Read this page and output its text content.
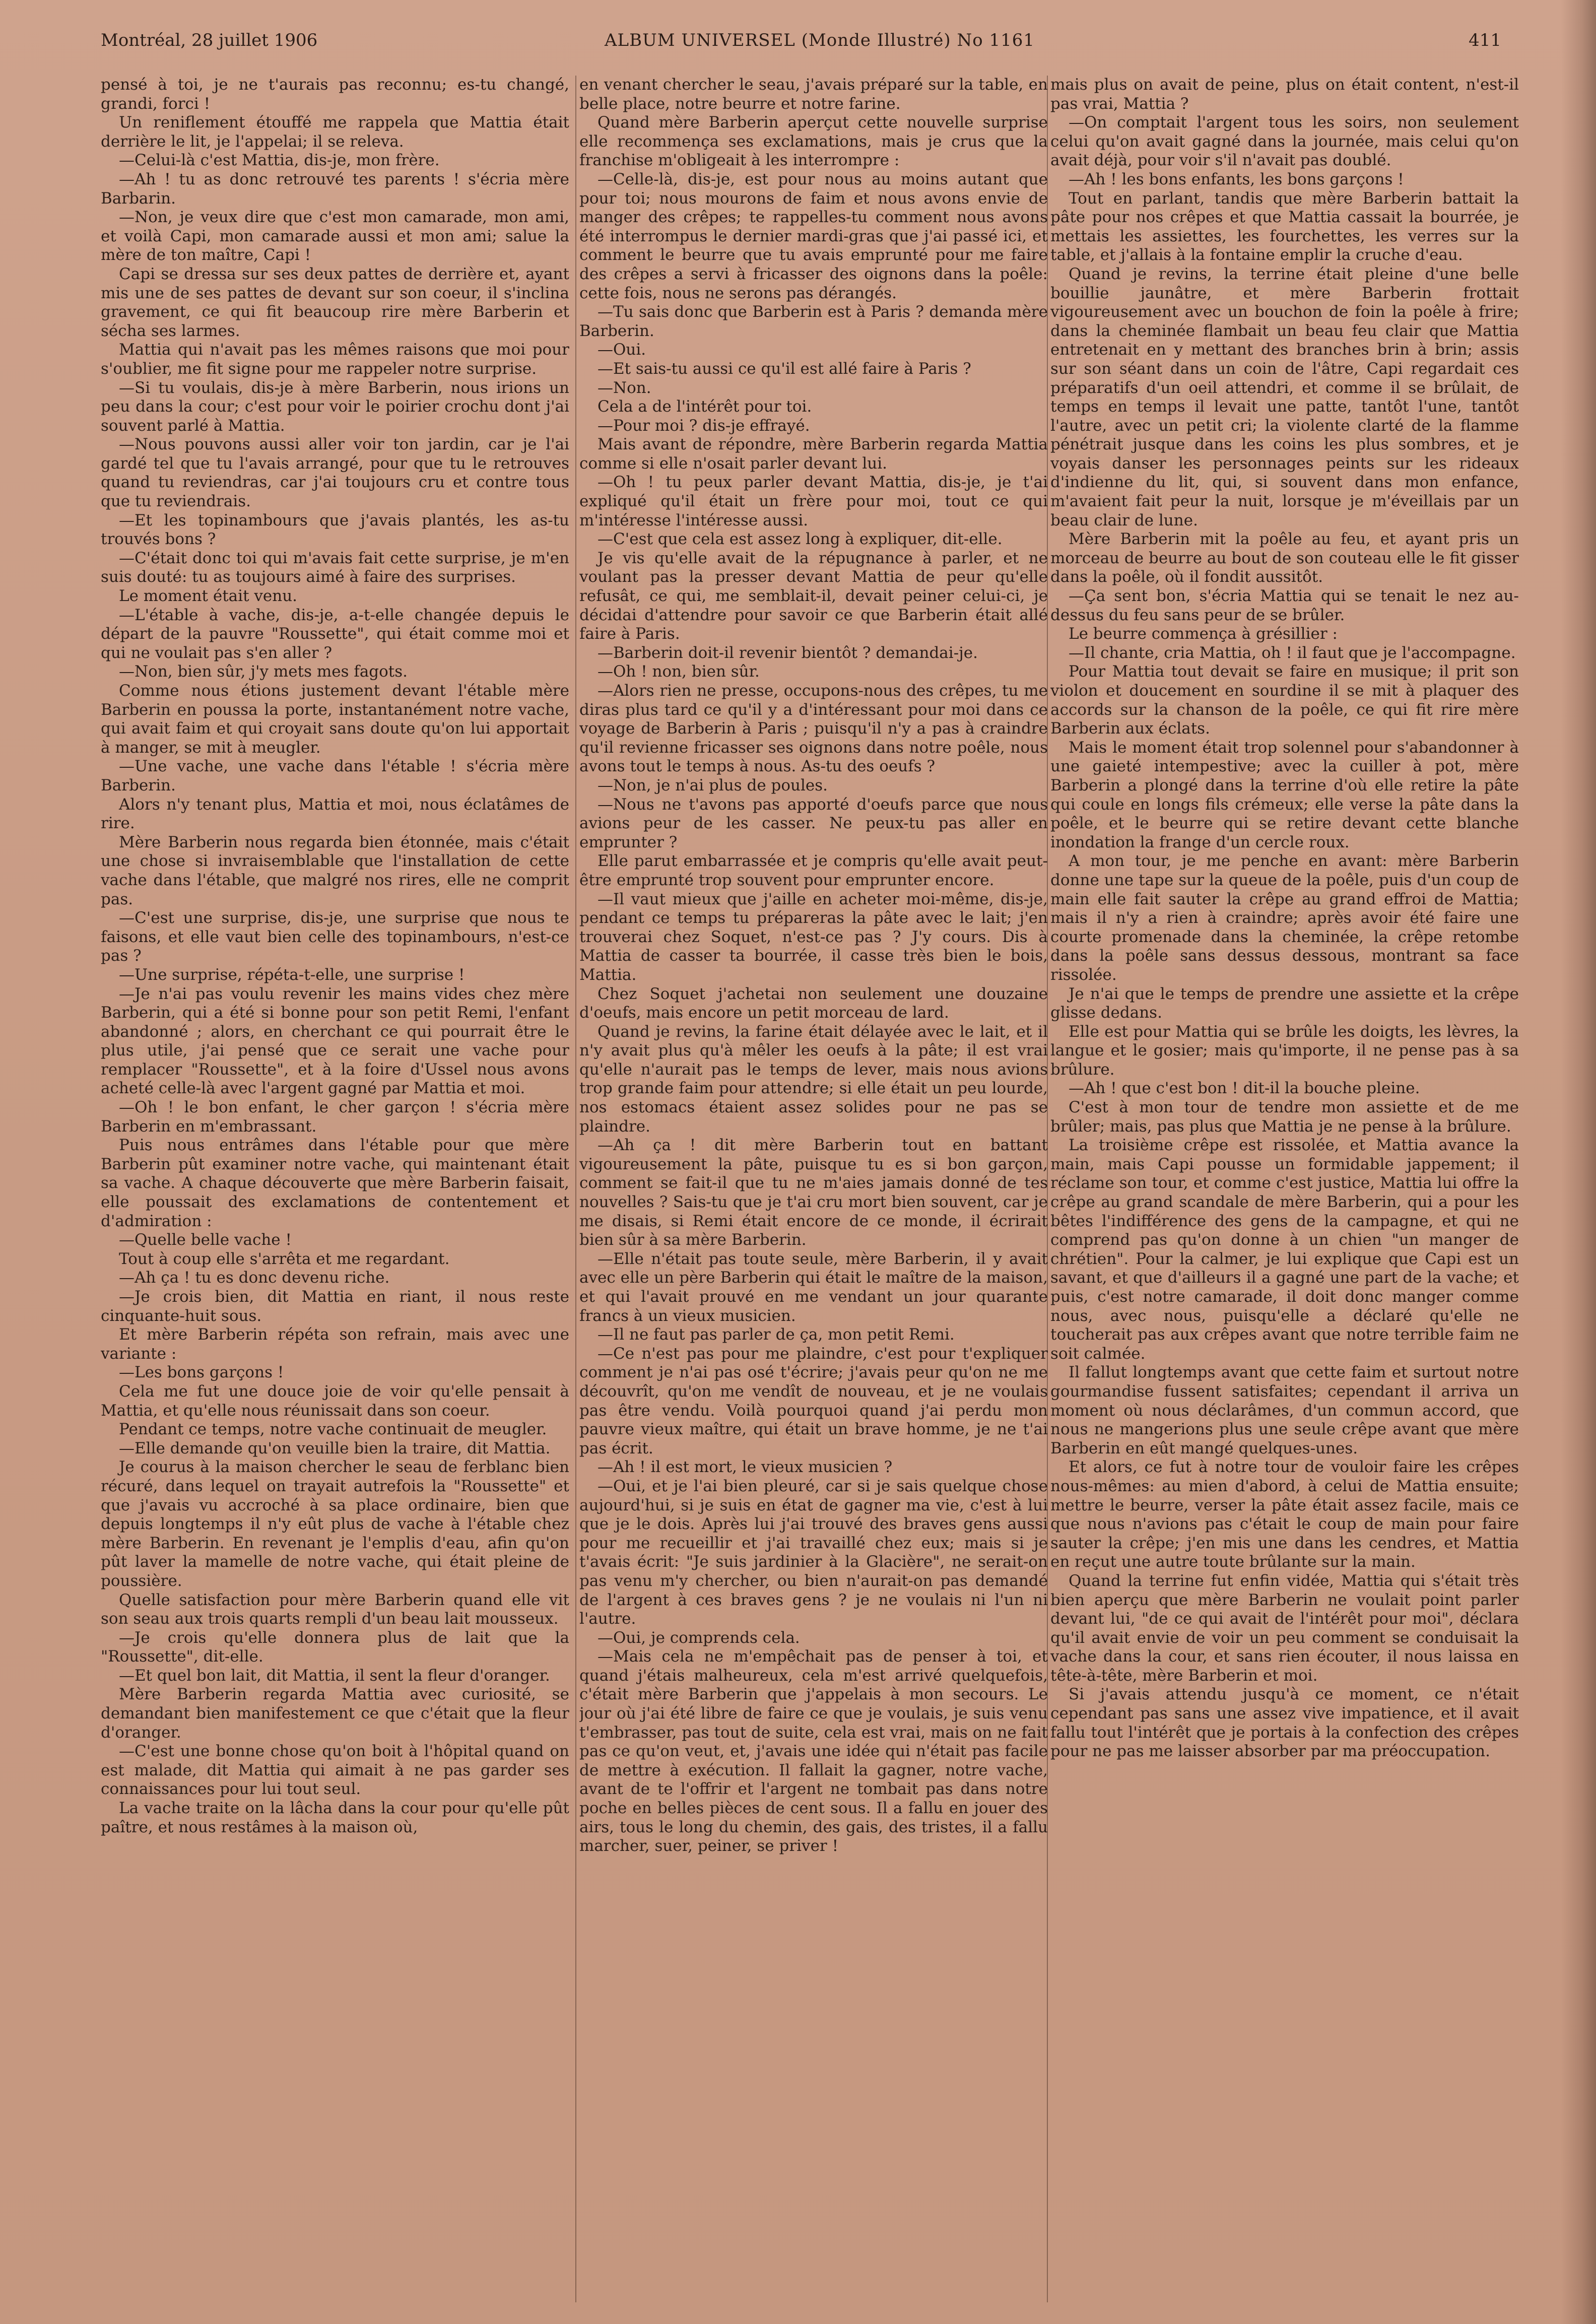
Montréal, 28 juillet 1906	ALBUM UNIVERSEL (Monde Illustré) No 1161	411

pensé à toi, je ne t'aurais pas reconnu; es-tu changé, grandi, forci !

Un reniflement étouffé me rappela que Mattia était derrière le lit, je l'appelai; il se releva.

—Celui-là c'est Mattia, dis-je, mon frère.

—Ah ! tu as donc retrouvé tes parents ! s'écria mère Barbarin.

—Non, je veux dire que c'est mon camarade, mon ami, et voilà Capi, mon camarade aussi et mon ami; salue la mère de ton maître, Capi !

Capi se dressa sur ses deux pattes de derrière et, ayant mis une de ses pattes de devant sur son coeur, il s'inclina gravement, ce qui fit beaucoup rire mère Barberin et sécha ses larmes.

Mattia qui n'avait pas les mêmes raisons que moi pour s'oublier, me fit signe pour me rappeler notre surprise.

—Si tu voulais, dis-je à mère Barberin, nous irions un peu dans la cour; c'est pour voir le poirier crochu dont j'ai souvent parlé à Mattia.

—Nous pouvons aussi aller voir ton jardin, car je l'ai gardé tel que tu l'avais arrangé, pour que tu le retrouves quand tu reviendras, car j'ai toujours cru et contre tous que tu reviendrais.

—Et les topinambours que j'avais plantés, les as-tu trouvés bons ?

—C'était donc toi qui m'avais fait cette surprise, je m'en suis douté: tu as toujours aimé à faire des surprises.

Le moment était venu.

—L'étable à vache, dis-je, a-t-elle changée depuis le départ de la pauvre "Roussette", qui était comme moi et qui ne voulait pas s'en aller ?

—Non, bien sûr, j'y mets mes fagots.

Comme nous étions justement devant l'étable mère Barberin en poussa la porte, instantanément notre vache, qui avait faim et qui croyait sans doute qu'on lui apportait à manger, se mit à meugler.

—Une vache, une vache dans l'étable ! s'écria mère Barberin.

Alors n'y tenant plus, Mattia et moi, nous éclatâmes de rire.

Mère Barberin nous regarda bien étonnée, mais c'était une chose si invraisemblable que l'installation de cette vache dans l'étable, que malgré nos rires, elle ne comprit pas.

—C'est une surprise, dis-je, une surprise que nous te faisons, et elle vaut bien celle des topinambours, n'est-ce pas ?

—Une surprise, répéta-t-elle, une surprise !

—Je n'ai pas voulu revenir les mains vides chez mère Barberin, qui a été si bonne pour son petit Remi, l'enfant abandonné ; alors, en cherchant ce qui pourrait être le plus utile, j'ai pensé que ce serait une vache pour remplacer "Roussette", et à la foire d'Ussel nous avons acheté celle-là avec l'argent gagné par Mattia et moi.

—Oh ! le bon enfant, le cher garçon ! s'écria mère Barberin en m'embrassant.

Puis nous entrâmes dans l'étable pour que mère Barberin pût examiner notre vache, qui maintenant était sa vache. A chaque découverte que mère Barberin faisait, elle poussait des exclamations de contentement et d'admiration :

—Quelle belle vache !

Tout à coup elle s'arrêta et me regardant.

—Ah ça ! tu es donc devenu riche.

—Je crois bien, dit Mattia en riant, il nous reste cinquante-huit sous.

Et mère Barberin répéta son refrain, mais avec une variante :

—Les bons garçons !

Cela me fut une douce joie de voir qu'elle pensait à Mattia, et qu'elle nous réunissait dans son coeur.

Pendant ce temps, notre vache continuait de meugler.

—Elle demande qu'on veuille bien la traire, dit Mattia.

Je courus à la maison chercher le seau de ferblanc bien récuré, dans lequel on trayait autrefois la "Roussette" et que j'avais vu accroché à sa place ordinaire, bien que depuis longtemps il n'y eût plus de vache à l'étable chez mère Barberin. En revenant je l'emplis d'eau, afin qu'on pût laver la mamelle de notre vache, qui était pleine de poussière.

Quelle satisfaction pour mère Barberin quand elle vit son seau aux trois quarts rempli d'un beau lait mousseux.

—Je crois qu'elle donnera plus de lait que la "Roussette", dit-elle.

—Et quel bon lait, dit Mattia, il sent la fleur d'oranger.

Mère Barberin regarda Mattia avec curiosité, se demandant bien manifestement ce que c'était que la fleur d'oranger.

—C'est une bonne chose qu'on boit à l'hôpital quand on est malade, dit Mattia qui aimait à ne pas garder ses connaissances pour lui tout seul.

La vache traite on la lâcha dans la cour pour qu'elle pût paître, et nous restâmes à la maison où,

en venant chercher le seau, j'avais préparé sur la table, en belle place, notre beurre et notre farine.

Quand mère Barberin aperçut cette nouvelle surprise elle recommença ses exclamations, mais je crus que la franchise m'obligeait à les interrompre :

—Celle-là, dis-je, est pour nous au moins autant que pour toi; nous mourons de faim et nous avons envie de manger des crêpes; te rappelles-tu comment nous avons été interrompus le dernier mardi-gras que j'ai passé ici, et comment le beurre que tu avais emprunté pour me faire des crêpes a servi à fricasser des oignons dans la poêle: cette fois, nous ne serons pas dérangés.

—Tu sais donc que Barberin est à Paris ? demanda mère Barberin.

—Oui.

—Et sais-tu aussi ce qu'il est allé faire à Paris ?

—Non.

Cela a de l'intérêt pour toi.

—Pour moi ? dis-je effrayé.

Mais avant de répondre, mère Barberin regarda Mattia comme si elle n'osait parler devant lui.

—Oh ! tu peux parler devant Mattia, dis-je, je t'ai expliqué qu'il était un frère pour moi, tout ce qui m'intéresse l'intéresse aussi.

—C'est que cela est assez long à expliquer, dit-elle.

Je vis qu'elle avait de la répugnance à parler, et ne voulant pas la presser devant Mattia de peur qu'elle refusât, ce qui, me semblait-il, devait peiner celui-ci, je décidai d'attendre pour savoir ce que Barberin était allé faire à Paris.

—Barberin doit-il revenir bientôt ? demandai-je.

—Oh ! non, bien sûr.

—Alors rien ne presse, occupons-nous des crêpes, tu me diras plus tard ce qu'il y a d'intéressant pour moi dans ce voyage de Barberin à Paris ; puisqu'il n'y a pas à craindre qu'il revienne fricasser ses oignons dans notre poêle, nous avons tout le temps à nous. As-tu des oeufs ?

—Non, je n'ai plus de poules.

—Nous ne t'avons pas apporté d'oeufs parce que nous avions peur de les casser. Ne peux-tu pas aller en emprunter ?

Elle parut embarrassée et je compris qu'elle avait peut-être emprunté trop souvent pour emprunter encore.

—Il vaut mieux que j'aille en acheter moi-même, dis-je, pendant ce temps tu prépareras la pâte avec le lait; j'en trouverai chez Soquet, n'est-ce pas ? J'y cours. Dis à Mattia de casser ta bourrée, il casse très bien le bois, Mattia.

Chez Soquet j'achetai non seulement une douzaine d'oeufs, mais encore un petit morceau de lard.

Quand je revins, la farine était délayée avec le lait, et il n'y avait plus qu'à mêler les oeufs à la pâte; il est vrai qu'elle n'aurait pas le temps de lever, mais nous avions trop grande faim pour attendre; si elle était un peu lourde, nos estomacs étaient assez solides pour ne pas se plaindre.

—Ah ça ! dit mère Barberin tout en battant vigoureusement la pâte, puisque tu es si bon garçon, comment se fait-il que tu ne m'aies jamais donné de tes nouvelles ? Sais-tu que je t'ai cru mort bien souvent, car je me disais, si Remi était encore de ce monde, il écrirait bien sûr à sa mère Barberin.

—Elle n'était pas toute seule, mère Barberin, il y avait avec elle un père Barberin qui était le maître de la maison, et qui l'avait prouvé en me vendant un jour quarante francs à un vieux musicien.

—Il ne faut pas parler de ça, mon petit Remi.

—Ce n'est pas pour me plaindre, c'est pour t'expliquer comment je n'ai pas osé t'écrire; j'avais peur qu'on ne me découvrît, qu'on me vendît de nouveau, et je ne voulais pas être vendu. Voilà pourquoi quand j'ai perdu mon pauvre vieux maître, qui était un brave homme, je ne t'ai pas écrit.

—Ah ! il est mort, le vieux musicien ?

—Oui, et je l'ai bien pleuré, car si je sais quelque chose aujourd'hui, si je suis en état de gagner ma vie, c'est à lui que je le dois. Après lui j'ai trouvé des braves gens aussi pour me recueillir et j'ai travaillé chez eux; mais si je t'avais écrit: "Je suis jardinier à la Glacière", ne serait-on pas venu m'y chercher, ou bien n'aurait-on pas demandé de l'argent à ces braves gens ? je ne voulais ni l'un ni l'autre.

—Oui, je comprends cela.

—Mais cela ne m'empêchait pas de penser à toi, et quand j'étais malheureux, cela m'est arrivé quelquefois, c'était mère Barberin que j'appelais à mon secours. Le jour où j'ai été libre de faire ce que je voulais, je suis venu t'embrasser, pas tout de suite, cela est vrai, mais on ne fait pas ce qu'on veut, et, j'avais une idée qui n'était pas facile de mettre à exécution. Il fallait la gagner, notre vache, avant de te l'offrir et l'argent ne tombait pas dans notre poche en belles pièces de cent sous. Il a fallu en jouer des airs, tous le long du chemin, des gais, des tristes, il a fallu marcher, suer, peiner, se priver !

mais plus on avait de peine, plus on était content, n'est-il pas vrai, Mattia ?

—On comptait l'argent tous les soirs, non seulement celui qu'on avait gagné dans la journée, mais celui qu'on avait déjà, pour voir s'il n'avait pas doublé.

—Ah ! les bons enfants, les bons garçons !

Tout en parlant, tandis que mère Barberin battait la pâte pour nos crêpes et que Mattia cassait la bourrée, je mettais les assiettes, les fourchettes, les verres sur la table, et j'allais à la fontaine emplir la cruche d'eau.

Quand je revins, la terrine était pleine d'une belle bouillie jaunâtre, et mère Barberin frottait vigoureusement avec un bouchon de foin la poêle à frire; dans la cheminée flambait un beau feu clair que Mattia entretenait en y mettant des branches brin à brin; assis sur son séant dans un coin de l'âtre, Capi regardait ces préparatifs d'un oeil attendri, et comme il se brûlait, de temps en temps il levait une patte, tantôt l'une, tantôt l'autre, avec un petit cri; la violente clarté de la flamme pénétrait jusque dans les coins les plus sombres, et je voyais danser les personnages peints sur les rideaux d'indienne du lit, qui, si souvent dans mon enfance, m'avaient fait peur la nuit, lorsque je m'éveillais par un beau clair de lune.

Mère Barberin mit la poêle au feu, et ayant pris un morceau de beurre au bout de son couteau elle le fit gisser dans la poêle, où il fondit aussitôt.

—Ça sent bon, s'écria Mattia qui se tenait le nez au-dessus du feu sans peur de se brûler.

Le beurre commença à grésillier :

—Il chante, cria Mattia, oh ! il faut que je l'accompagne.

Pour Mattia tout devait se faire en musique; il prit son violon et doucement en sourdine il se mit à plaquer des accords sur la chanson de la poêle, ce qui fit rire mère Barberin aux éclats.

Mais le moment était trop solennel pour s'abandonner à une gaieté intempestive; avec la cuiller à pot, mère Barberin a plongé dans la terrine d'où elle retire la pâte qui coule en longs fils crémeux; elle verse la pâte dans la poêle, et le beurre qui se retire devant cette blanche inondation la frange d'un cercle roux.

A mon tour, je me penche en avant: mère Barberin donne une tape sur la queue de la poêle, puis d'un coup de main elle fait sauter la crêpe au grand effroi de Mattia; mais il n'y a rien à craindre; après avoir été faire une courte promenade dans la cheminée, la crêpe retombe dans la poêle sans dessus dessous, montrant sa face rissolée.

Je n'ai que le temps de prendre une assiette et la crêpe glisse dedans.

Elle est pour Mattia qui se brûle les doigts, les lèvres, la langue et le gosier; mais qu'importe, il ne pense pas à sa brûlure.

—Ah ! que c'est bon ! dit-il la bouche pleine.

C'est à mon tour de tendre mon assiette et de me brûler; mais, pas plus que Mattia je ne pense à la brûlure.

La troisième crêpe est rissolée, et Mattia avance la main, mais Capi pousse un formidable jappement; il réclame son tour, et comme c'est justice, Mattia lui offre la crêpe au grand scandale de mère Barberin, qui a pour les bêtes l'indifférence des gens de la campagne, et qui ne comprend pas qu'on donne à un chien "un manger de chrétien". Pour la calmer, je lui explique que Capi est un savant, et que d'ailleurs il a gagné une part de la vache; et puis, c'est notre camarade, il doit donc manger comme nous, avec nous, puisqu'elle a déclaré qu'elle ne toucherait pas aux crêpes avant que notre terrible faim ne soit calmée.

Il fallut longtemps avant que cette faim et surtout notre gourmandise fussent satisfaites; cependant il arriva un moment où nous déclarâmes, d'un commun accord, que nous ne mangerions plus une seule crêpe avant que mère Barberin en eût mangé quelques-unes.

Et alors, ce fut à notre tour de vouloir faire les crêpes nous-mêmes: au mien d'abord, à celui de Mattia ensuite; mettre le beurre, verser la pâte était assez facile, mais ce que nous n'avions pas c'était le coup de main pour faire sauter la crêpe; j'en mis une dans les cendres, et Mattia en reçut une autre toute brûlante sur la main.

Quand la terrine fut enfin vidée, Mattia qui s'était très bien aperçu que mère Barberin ne voulait point parler devant lui, "de ce qui avait de l'intérêt pour moi", déclara qu'il avait envie de voir un peu comment se conduisait la vache dans la cour, et sans rien écouter, il nous laissa en tête-à-tête, mère Barberin et moi.

Si j'avais attendu jusqu'à ce moment, ce n'était cependant pas sans une assez vive impatience, et il avait fallu tout l'intérêt que je portais à la confection des crêpes pour ne pas me laisser absorber par ma préoccupation.
